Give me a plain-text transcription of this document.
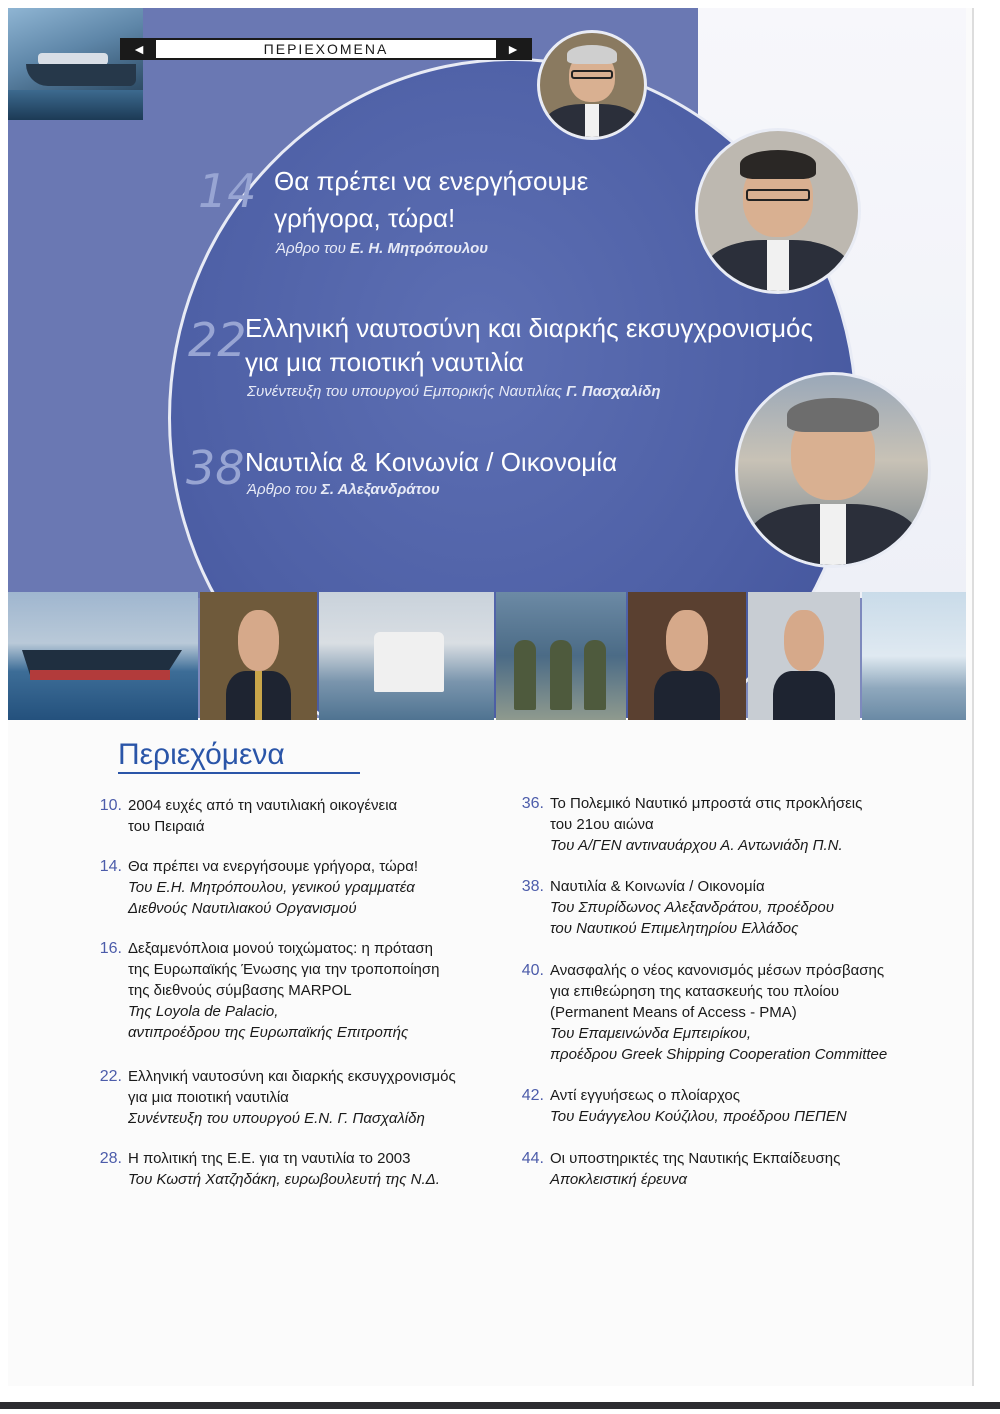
◄	ΠΕΡΙΕΧΟΜΕΝΑ	►
14 Θα πρέπει να ενεργήσουμε
γρήγορα, τώρα!
Άρθρο του Ε. Η. Μητρόπουλου
22
Ελληνική ναυτοσύνη και διαρκής εκσυγχρονισμός
για μια ποιοτική ναυτιλία
Συνέντευξη του υπουργού Εμπορικής Ναυτιλίας Γ. Πασχαλίδη
38 Ναυτιλία & Κοινωνία / Οικονομία
Άρθρο του Σ. Αλεξανδράτου
Περιεχόμενα
10. 2004 ευχές από τη ναυτιλιακή οικογένεια
του Πειραιά
14. Θα πρέπει να ενεργήσουμε γρήγορα, τώρα!
Του Ε.Η. Μητρόπουλου, γενικού γραμματέα
Διεθνούς Ναυτιλιακού Οργανισμού
16. Δεξαμενόπλοια μονού τοιχώματος: η πρόταση
της Ευρωπαϊκής Ένωσης για την τροποποίηση
της διεθνούς σύμβασης MARPOL
Της Loyola de Palacio,
αντιπροέδρου της Ευρωπαϊκής Επιτροπής
22. Ελληνική ναυτοσύνη και διαρκής εκσυγχρονισμός
για μια ποιοτική ναυτιλία
Συνέντευξη του υπουργού Ε.Ν. Γ. Πασχαλίδη
28. Η πολιτική της Ε.Ε. για τη ναυτιλία το 2003
Του Κωστή Χατζηδάκη, ευρωβουλευτή της Ν.Δ.
36. Το Πολεμικό Ναυτικό μπροστά στις προκλήσεις
του 21ου αιώνα
Του Α/ΓΕΝ αντιναυάρχου Α. Αντωνιάδη Π.Ν.
38. Ναυτιλία & Κοινωνία / Οικονομία
Του Σπυρίδωνος Αλεξανδράτου, προέδρου
του Ναυτικού Επιμελητηρίου Ελλάδος
40. Ανασφαλής ο νέος κανονισμός μέσων πρόσβασης
για επιθεώρηση της κατασκευής του πλοίου
(Permanent Means of Access - PMA)
Του Επαμεινώνδα Εμπειρίκου,
προέδρου Greek Shipping Cooperation Committee
42. Αντί εγγυήσεως ο πλοίαρχος
Του Ευάγγελου Κούζιλου, προέδρου ΠΕΠΕΝ
44. Οι υποστηρικτές της Ναυτικής Εκπαίδευσης
Αποκλειστική έρευνα
